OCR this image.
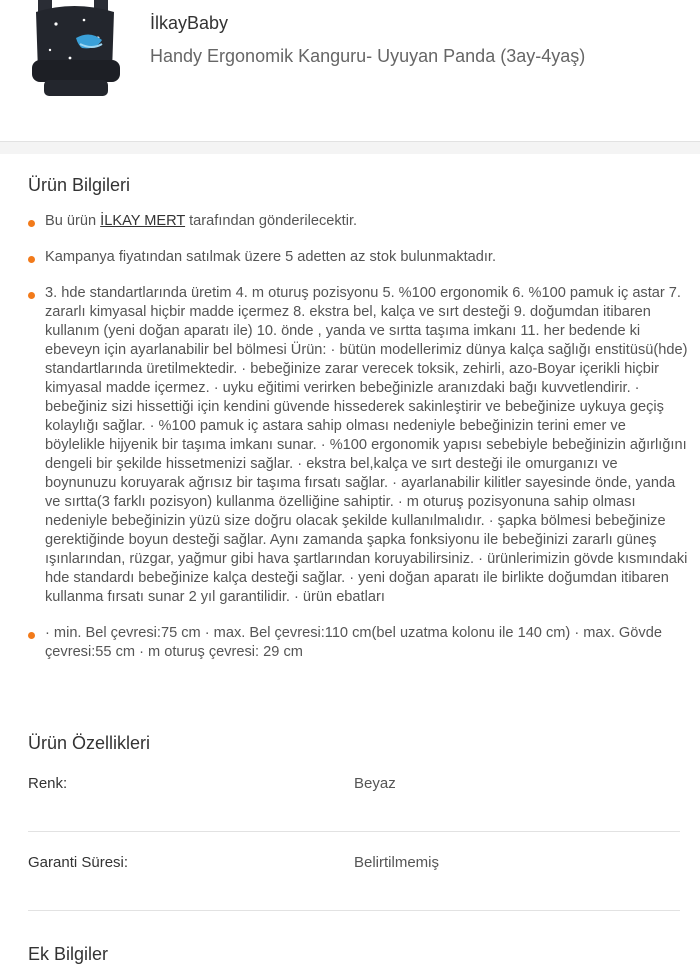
İlkayBaby
Handy Ergonomik Kanguru- Uyuyan Panda (3ay-4yaş)
Ürün Bilgileri
Bu ürün İLKAY MERT tarafından gönderilecektir.
Kampanya fiyatından satılmak üzere 5 adetten az stok bulunmaktadır.
3. hde standartlarında üretim 4. m oturuş pozisyonu 5. %100 ergonomik 6. %100 pamuk iç astar 7. zararlı kimyasal hiçbir madde içermez 8. ekstra bel, kalça ve sırt desteği 9. doğumdan itibaren kullanım (yeni doğan aparatı ile) 10. önde , yanda ve sırtta taşıma imkanı 11. her bedende ki ebeveyn için ayarlanabilir bel bölmesi Ürün: · bütün modellerimiz dünya kalça sağlığı enstitüsü(hde) standartlarında üretilmektedir. · bebeğinize zarar verecek toksik, zehirli, azo-Boyar içerikli hiçbir kimyasal madde içermez. · uyku eğitimi verirken bebeğinizle aranızdaki bağı kuvvetlendirir. · bebeğiniz sizi hissettiği için kendini güvende hissederek sakinleştirir ve bebeğinize uykuya geçiş kolaylığı sağlar. · %100 pamuk iç astara sahip olması nedeniyle bebeğinizin terini emer ve böylelikle hijyenik bir taşıma imkanı sunar. · %100 ergonomik yapısı sebebiyle bebeğinizin ağırlığını dengeli bir şekilde hissetmenizi sağlar. · ekstra bel,kalça ve sırt desteği ile omurganızı ve boynunuzu koruyarak ağrısız bir taşıma fırsatı sağlar. · ayarlanabilir kilitler sayesinde önde, yanda ve sırtta(3 farklı pozisyon) kullanma özelliğine sahiptir. · m oturuş pozisyonuna sahip olması nedeniyle bebeğinizin yüzü size doğru olacak şekilde kullanılmalıdır. · şapka bölmesi bebeğinize gerektiğinde boyun desteği sağlar. Aynı zamanda şapka fonksiyonu ile bebeğinizi zararlı güneş ışınlarından, rüzgar, yağmur gibi hava şartlarından koruyabilirsiniz. · ürünlerimizin gövde kısmındaki hde standardı bebeğinize kalça desteği sağlar. · yeni doğan aparatı ile birlikte doğumdan itibaren kullanma fırsatı sunar 2 yıl garantilidir. · ürün ebatları
· min. Bel çevresi:75 cm · max. Bel çevresi:110 cm(bel uzatma kolonu ile 140 cm) · max. Gövde çevresi:55 cm · m oturuş çevresi: 29 cm
Ürün Özellikleri
Renk:	Beyaz
Garanti Süresi:	Belirtilmemiş
Ek Bilgiler
